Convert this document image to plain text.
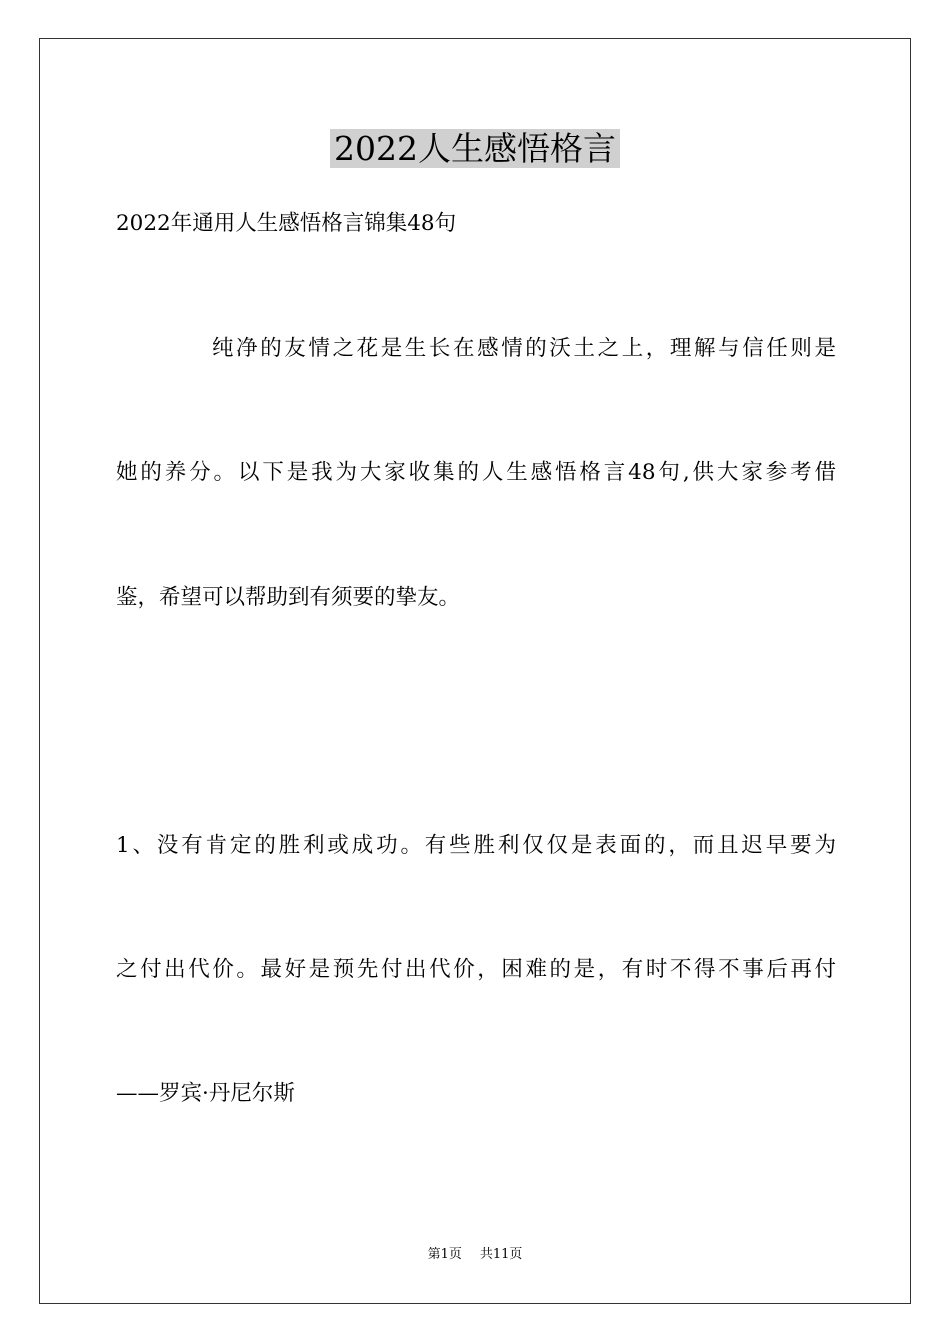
2022人生感悟格言
2022年通用人生感悟格言锦集48句
纯净的友情之花是生长在感情的沃土之上，理解与信任则是
她的养分。以下是我为大家收集的人生感悟格言48句,供大家参考借
鉴，希望可以帮助到有须要的挚友。
1、没有肯定的胜利或成功。有些胜利仅仅是表面的，而且迟早要为
之付出代价。最好是预先付出代价，困难的是，有时不得不事后再付
——罗宾·丹尼尔斯
第1页 共11页
